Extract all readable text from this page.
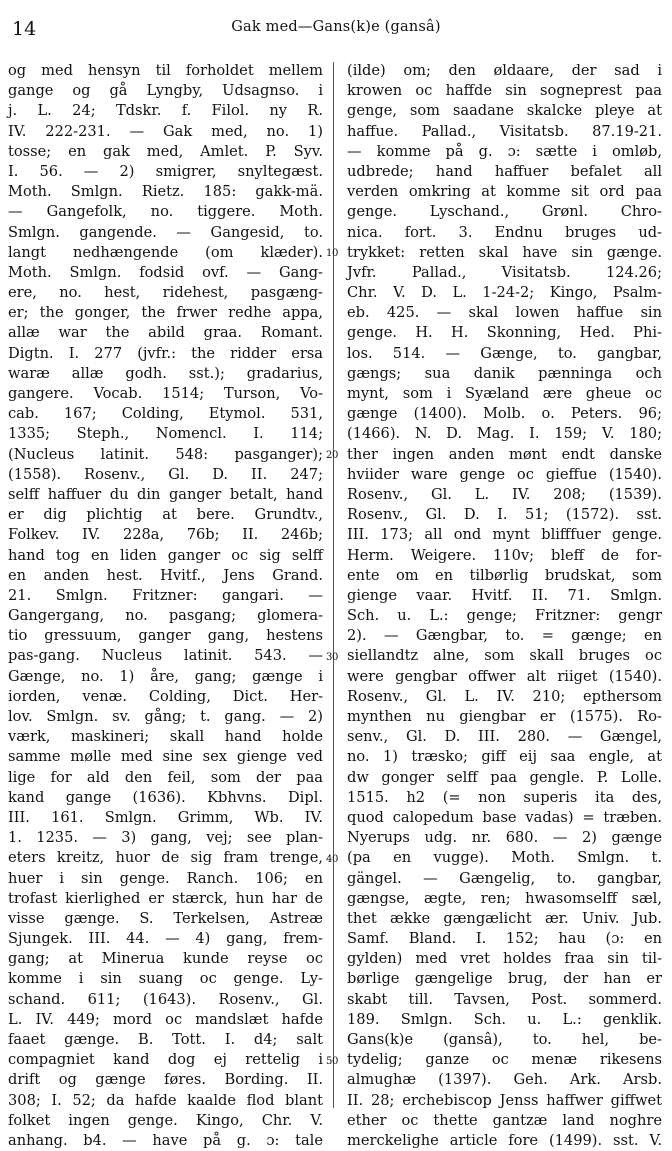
14	Gak med—Gans(k)e (gansâ)
og med hensyn til forholdet mellem
gange og gå Lyngby, Udsagnso. i
j. L. 24; Tdskr. f. Filol. ny R.
IV. 222-231. — Gak med, no. 1)
tosse; en gak med, Amlet. P. Syv.
I. 56. — 2) smigrer, snyltegæst.
Moth. Smlgn. Rietz. 185: gakk-mä.
— Gangefolk, no. tiggere. Moth.
Smlgn. gangende. — Gangesid, to.
langt nedhængende (om klæder).
Moth. Smlgn. fodsid ovf. — Gang-
ere, no. hest, ridehest, pasgæng-
er; the gonger, the frwer redhe appa,
allæ war the abild graa. Romant.
Digtn. I. 277 (jvfr.: the ridder ersa
waræ allæ godh. sst.); gradarius,
gangere. Vocab. 1514; Turson, Vo-
cab. 167; Colding, Etymol. 531,
1335; Steph., Nomencl. I. 114;
(Nucleus latinit. 548: pasganger);
(1558). Rosenv., Gl. D. II. 247;
selff haffuer du din ganger betalt, hand
er dig plichtig at bere. Grundtv.,
Folkev. IV. 228a, 76b; II. 246b;
hand tog en liden ganger oc sig selff
en anden hest. Hvitf., Jens Grand.
21. Smlgn. Fritzner: gangari. —
Gangergang, no. pasgang; glomera-
tio gressuum, ganger gang, hestens
pas-gang. Nucleus latinit. 543. —
Gænge, no. 1) åre, gang; gænge i
iorden, venæ. Colding, Dict. Her-
lov. Smlgn. sv. gång; t. gang. — 2)
værk, maskineri; skall hand holde
samme mølle med sine sex gienge ved
lige for ald den feil, som der paa
kand gange (1636). Kbhvns. Dipl.
III. 161. Smlgn. Grimm, Wb. IV.
1. 1235. — 3) gang, vej; see plan-
eters kreitz, huor de sig fram trenge,
huer i sin genge. Ranch. 106; en
trofast kierlighed er stærck, hun har de
visse gænge. S. Terkelsen, Astreæ
Sjungek. III. 44. — 4) gang, frem-
gang; at Minerua kunde reyse oc
komme i sin suang oc genge. Ly-
schand. 611; (1643). Rosenv., Gl.
L. IV. 449; mord oc mandslæt hafde
faaet gænge. B. Tott. I. d4; salt
compagniet kand dog ej rettelig i
drift og gænge føres. Bording. II.
308; I. 52; da hafde kaalde flod blant
folket ingen genge. Kingo, Chr. V.
anhang. b4. — have på g. ɔ: tale
(ilde) om; den øldaare, der sad i
krowen oc haffde sin sogneprest paa
genge, som saadane skalcke pleye at
haffue. Pallad., Visitatsb. 87.19-21.
— komme på g. ɔ: sætte i omløb,
udbrede; hand haffuer befalet all
verden omkring at komme sit ord paa
genge. Lyschand., Grønl. Chro-
nica. fort. 3. Endnu bruges ud-
trykket: retten skal have sin gænge.
Jvfr. Pallad., Visitatsb. 124.26;
Chr. V. D. L. 1-24-2; Kingo, Psalm-
eb. 425. — skal lowen haffue sin
genge. H. H. Skonning, Hed. Phi-
los. 514. — Gænge, to. gangbar,
gængs; sua danik pænninga och
mynt, som i Syæland ære gheue oc
gænge (1400). Molb. o. Peters. 96;
(1466). N. D. Mag. I. 159; V. 180;
ther ingen anden mønt endt danske
hviider ware genge oc gieffue (1540).
Rosenv., Gl. L. IV. 208; (1539).
Rosenv., Gl. D. I. 51; (1572). sst.
III. 173; all ond mynt blifffuer genge.
Herm. Weigere. 110v; bleff de for-
ente om en tilbørlig brudskat, som
gienge vaar. Hvitf. II. 71. Smlgn.
Sch. u. L.: genge; Fritzner: gengr
2). — Gængbar, to. = gænge; en
siellandtz alne, som skall bruges oc
were gengbar offwer alt riiget (1540).
Rosenv., Gl. L. IV. 210; epthersom
mynthen nu giengbar er (1575). Ro-
senv., Gl. D. III. 280. — Gængel,
no. 1) træsko; giff eij saa engle, at
dw gonger selff paa gengle. P. Lolle.
1515. h2 (= non superis ita des,
quod calopedum base vadas) = træben.
Nyerups udg. nr. 680. — 2) gænge
(pa en vugge). Moth. Smlgn. t.
gängel. — Gængelig, to. gangbar,
gængse, ægte, ren; hwasomselff sæl,
thet ække gængælicht ær. Univ. Jub.
Samf. Bland. I. 152; hau (ɔ: en
gylden) med vret holdes fraa sin til-
børlige gængelige brug, der han er
skabt till. Tavsen, Post. sommerd.
189. Smlgn. Sch. u. L.: genklik.
Gans(k)e (gansâ), to. hel, be-
tydelig; ganze oc menæ rikesens
almughæ (1397). Geh. Ark. Arsb.
II. 28; erchebiscop Jenss haffwer giffwet
ether oc thette gantzæ land noghre
merckelighe article fore (1499). sst. V.
10
20
30
40
50
